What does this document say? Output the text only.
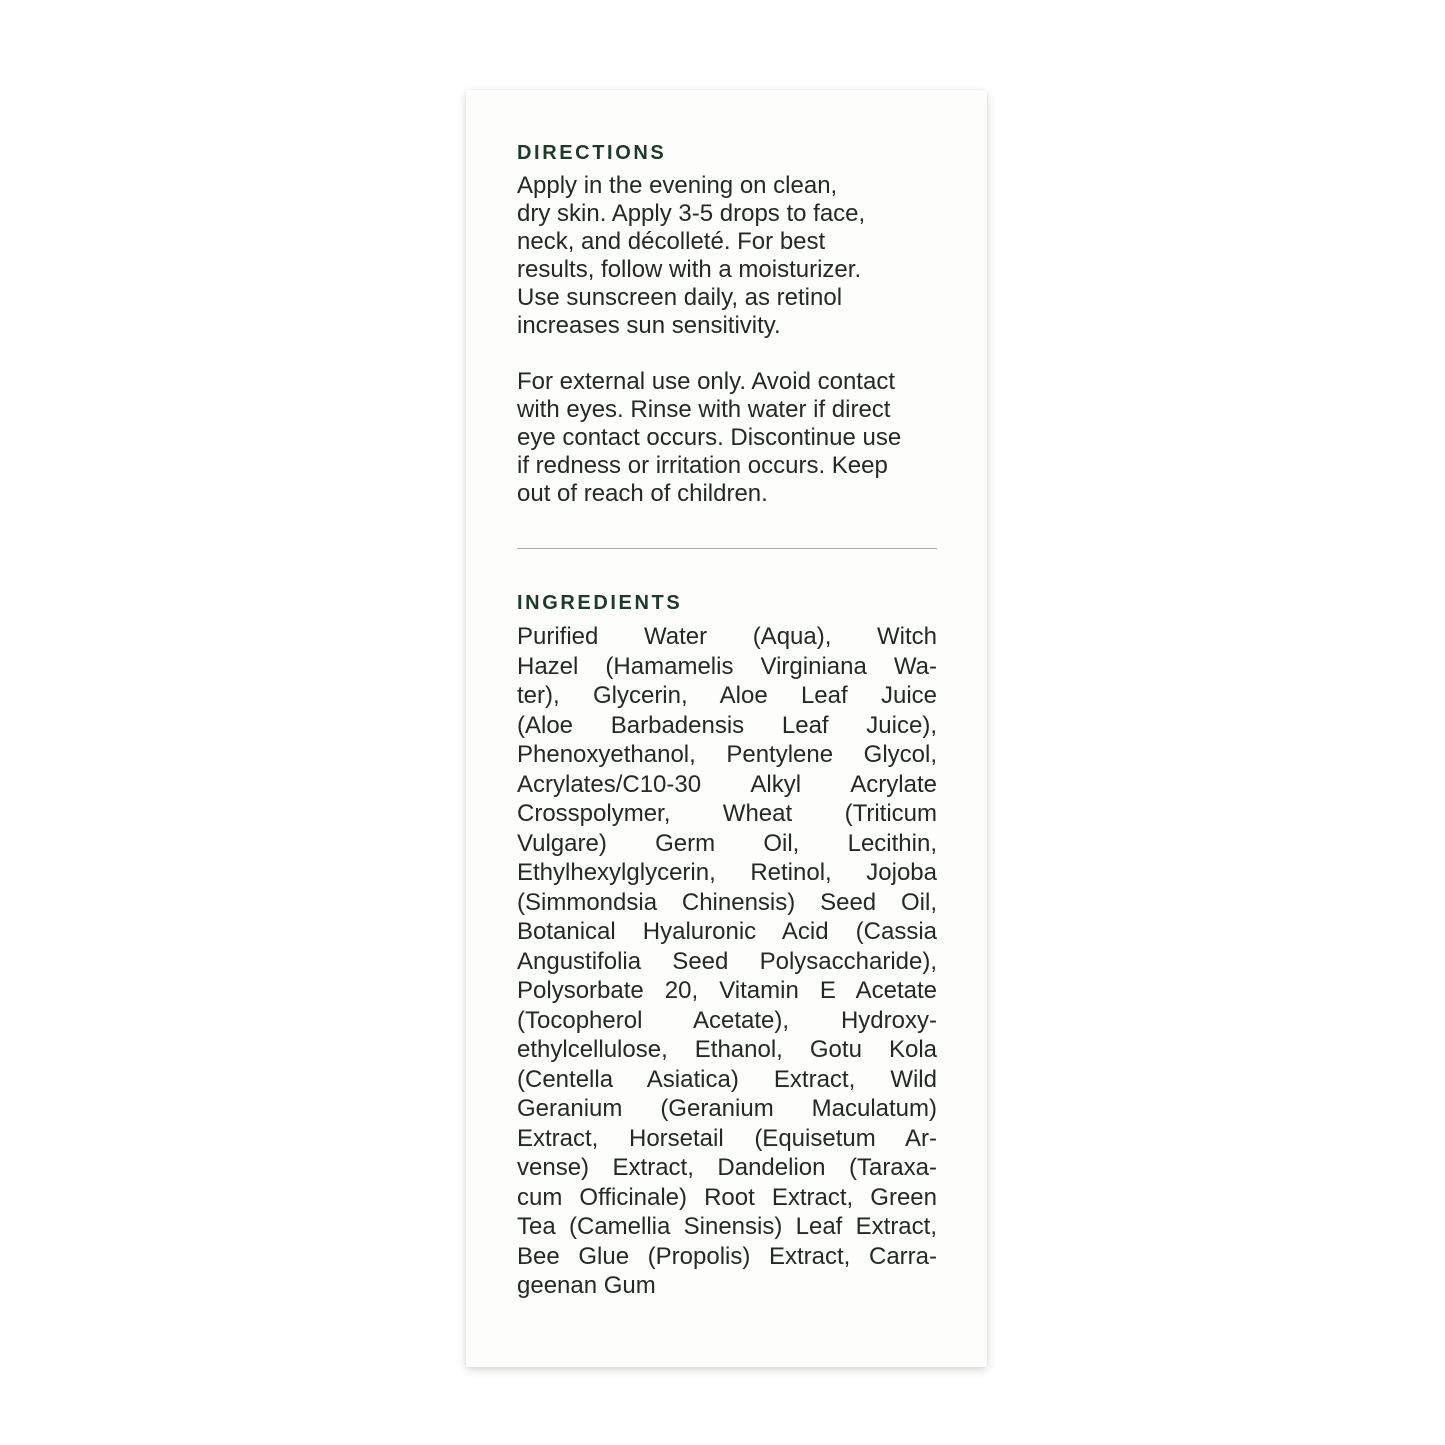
DIRECTIONS
Apply in the evening on clean,
dry skin. Apply 3-5 drops to face,
neck, and décolleté. For best
results, follow with a moisturizer.
Use sunscreen daily, as retinol
increases sun sensitivity.
For external use only. Avoid contact
with eyes. Rinse with water if direct
eye contact occurs. Discontinue use
if redness or irritation occurs. Keep
out of reach of children.
INGREDIENTS
Purified Water (Aqua), Witch
Hazel (Hamamelis Virginiana Wa-
ter), Glycerin, Aloe Leaf Juice
(Aloe Barbadensis Leaf Juice),
Phenoxyethanol, Pentylene Glycol,
Acrylates/C10-30 Alkyl Acrylate
Crosspolymer, Wheat (Triticum
Vulgare) Germ Oil, Lecithin,
Ethylhexylglycerin, Retinol, Jojoba
(Simmondsia Chinensis) Seed Oil,
Botanical Hyaluronic Acid (Cassia
Angustifolia Seed Polysaccharide),
Polysorbate 20, Vitamin E Acetate
(Tocopherol Acetate), Hydroxy-
ethylcellulose, Ethanol, Gotu Kola
(Centella Asiatica) Extract, Wild
Geranium (Geranium Maculatum)
Extract, Horsetail (Equisetum Ar-
vense) Extract, Dandelion (Taraxa-
cum Officinale) Root Extract, Green
Tea (Camellia Sinensis) Leaf Extract,
Bee Glue (Propolis) Extract, Carra-
geenan Gum
